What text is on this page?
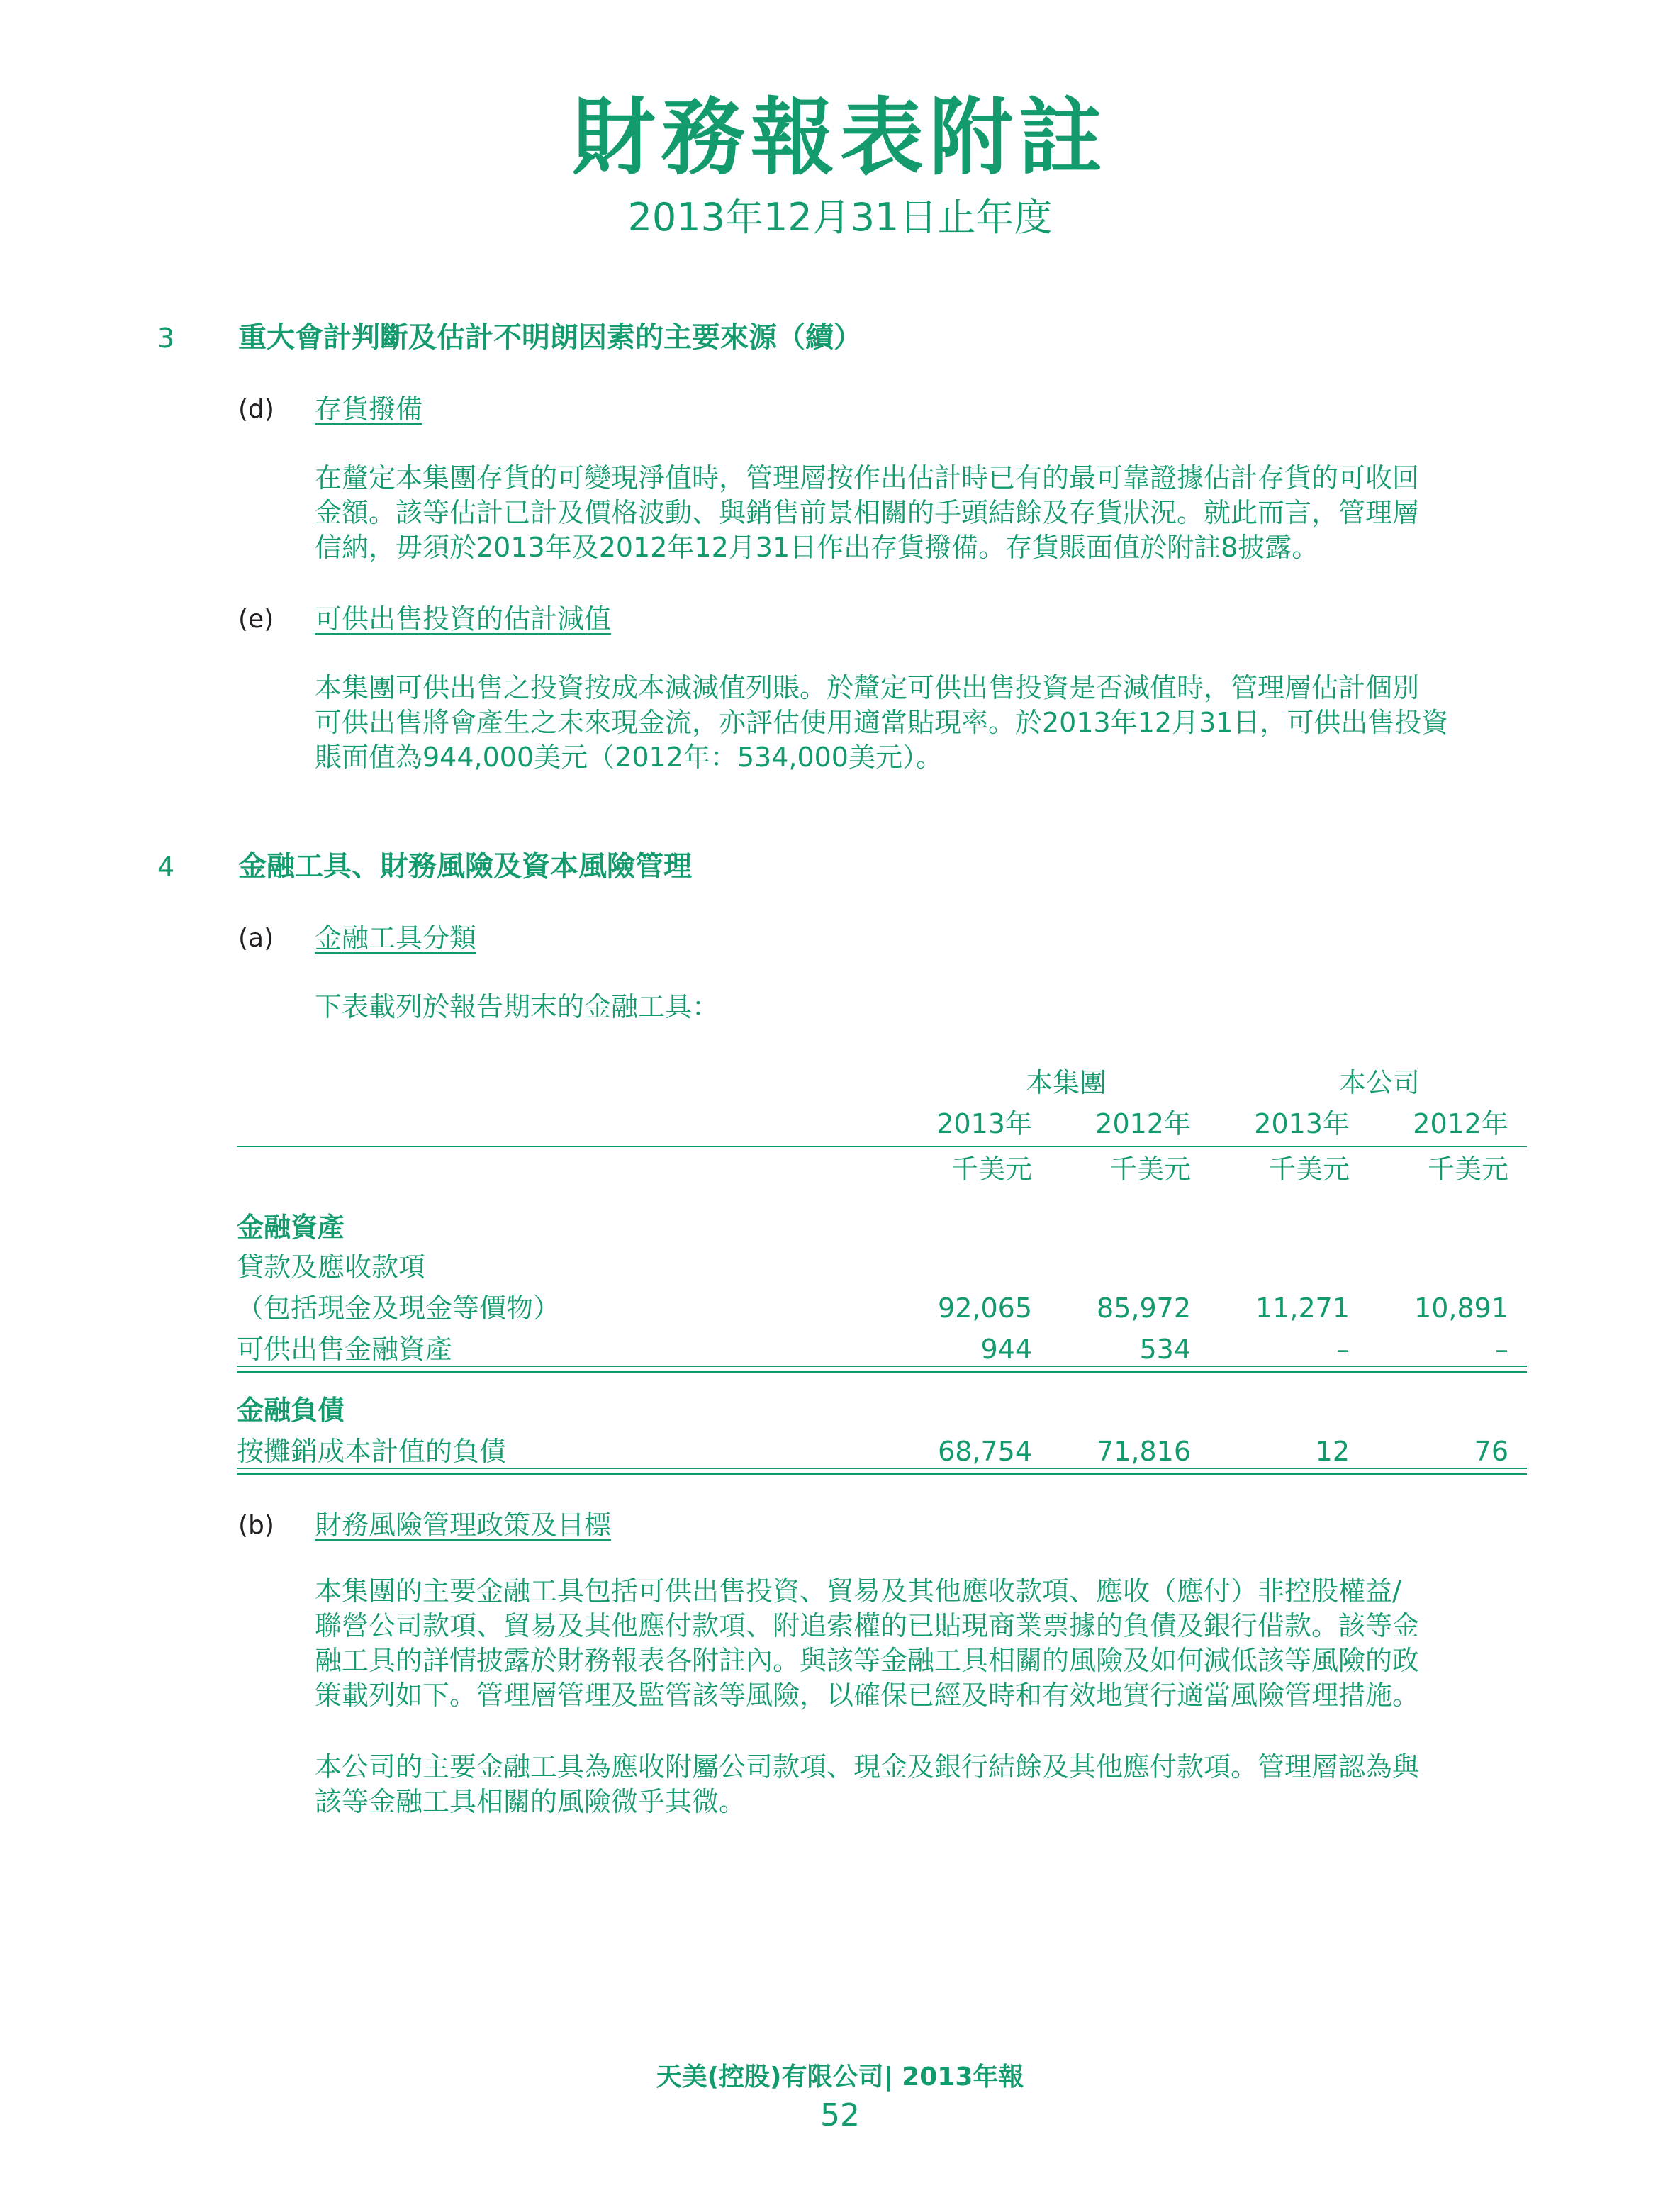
財務報表附註
2013年12月31日止年度
3 重大會計判斷及估計不明朗因素的主要來源（續）
(d) 存貨撥備
在釐定本集團存貨的可變現淨值時，管理層按作出估計時已有的最可靠證據估計存貨的可收回
金額。該等估計已計及價格波動、與銷售前景相關的手頭結餘及存貨狀況。就此而言，管理層
信納，毋須於2013年及2012年12月31日作出存貨撥備。存貨賬面值於附註8披露。
(e) 可供出售投資的估計減值
本集團可供出售之投資按成本減減值列賬。於釐定可供出售投資是否減值時，管理層估計個別
可供出售將會產生之未來現金流，亦評估使用適當貼現率。於2013年12月31日，可供出售投資
賬面值為944,000美元（2012年：534,000美元）。
4 金融工具、財務風險及資本風險管理
(a) 金融工具分類
下表載列於報告期末的金融工具：
本集團	本公司
2013年	2012年	2013年	2012年
千美元	千美元	千美元	千美元
金融資產
貸款及應收款項
（包括現金及現金等價物）	92,065	85,972	11,271	10,891
可供出售金融資產	944	534	–	–
金融負債
按攤銷成本計值的負債	68,754	71,816	12	76
(b) 財務風險管理政策及目標
本集團的主要金融工具包括可供出售投資、貿易及其他應收款項、應收（應付）非控股權益/
聯營公司款項、貿易及其他應付款項、附追索權的已貼現商業票據的負債及銀行借款。該等金
融工具的詳情披露於財務報表各附註內。與該等金融工具相關的風險及如何減低該等風險的政
策載列如下。管理層管理及監管該等風險，以確保已經及時和有效地實行適當風險管理措施。
本公司的主要金融工具為應收附屬公司款項、現金及銀行結餘及其他應付款項。管理層認為與
該等金融工具相關的風險微乎其微。
天美(控股)有限公司| 2013年報
52
